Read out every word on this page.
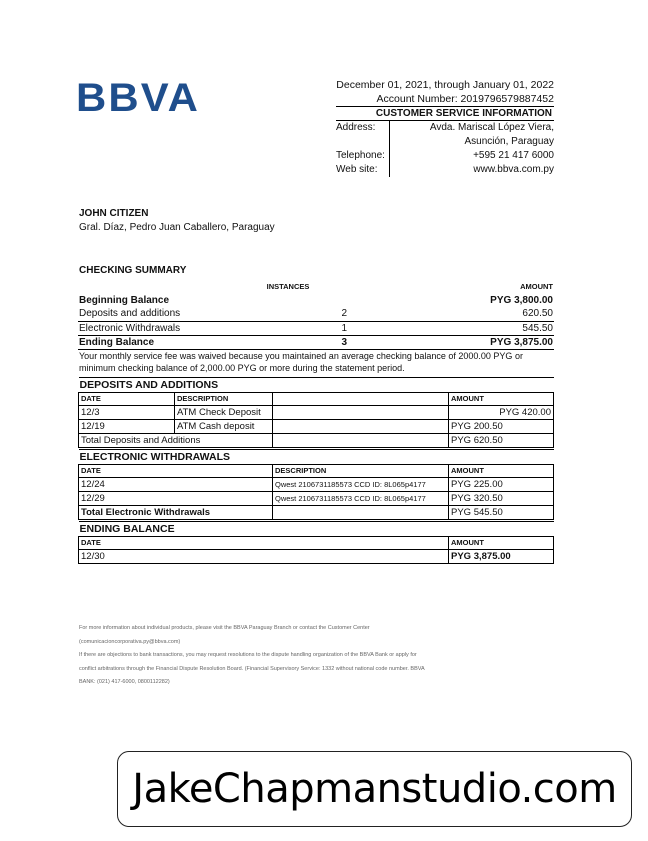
BBVA	December 01, 2021, through January 01, 2022
Account Number: 2019796579887452
CUSTOMER SERVICE INFORMATION
Address:	Avda. Mariscal López Viera,
	Asunción, Paraguay
Telephone:	+595 21 417 6000
Web site:	www.bbva.com.py
JOHN CITIZEN
Gral. Díaz, Pedro Juan Caballero, Paraguay
CHECKING SUMMARY
	INSTANCES	AMOUNT
Beginning Balance		PYG 3,800.00
Deposits and additions	2	620.50
Electronic Withdrawals	1	545.50
Ending Balance	3	PYG 3,875.00
Your monthly service fee was waived because you maintained an average checking balance of 2000.00 PYG or minimum checking balance of 2,000.00 PYG or more during the statement period.
DEPOSITS AND ADDITIONS			
DATE	DESCRIPTION		AMOUNT
12/3	ATM Check Deposit		PYG 420.00
12/19	ATM Cash deposit		PYG 200.50
Total Deposits and Additions			PYG 620.50
ELECTRONIC WITHDRAWALS		
DATE	DESCRIPTION	AMOUNT
12/24	Qwest 2106731185573 CCD ID: 8L065p4177	PYG 225.00
12/29	Qwest 2106731185573 CCD ID: 8L065p4177	PYG 320.50
Total Electronic Withdrawals		PYG 545.50
ENDING BALANCE	
DATE	AMOUNT
12/30	PYG 3,875.00
For more information about individual products, please visit the BBVA Paraguay Branch or contact the Customer Center
(comunicacioncorporativa.py@bbva.com)
If there are objections to bank transactions, you may request resolutions to the dispute handling organization of the BBVA Bank or apply for
conflict arbitrations through the Financial Dispute Resolution Board. (Financial Supervisory Service: 1332 without national code number. BBVA
BANK: (021) 417-6000, 0800112282)
JakeChapmanstudio.com
